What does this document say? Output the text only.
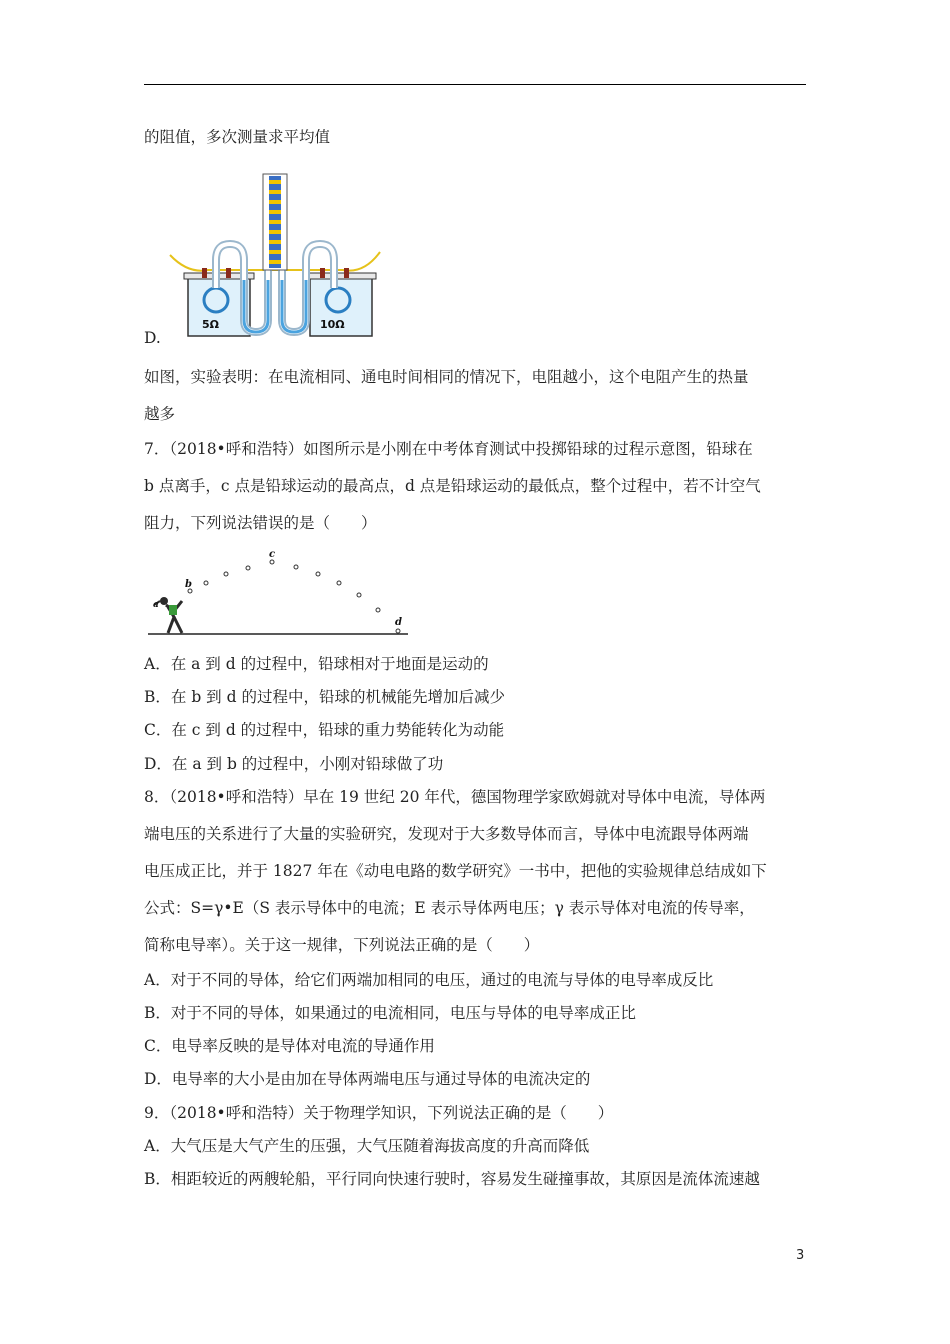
的阻值，多次测量求平均值
5Ω	10Ω
D.
如图，实验表明：在电流相同、通电时间相同的情况下，电阻越小，这个电阻产生的热量
越多
7．（2018•呼和浩特）如图所示是小刚在中考体育测试中投掷铅球的过程示意图，铅球在
b 点离手，c 点是铅球运动的最高点，d 点是铅球运动的最低点，整个过程中，若不计空气
阻力，下列说法错误的是（　　）
a
b
c
d
A．在 a 到 d 的过程中，铅球相对于地面是运动的
B．在 b 到 d 的过程中，铅球的机械能先增加后减少
C．在 c 到 d 的过程中，铅球的重力势能转化为动能
D．在 a 到 b 的过程中，小刚对铅球做了功
8．（2018•呼和浩特）早在 19 世纪 20 年代，德国物理学家欧姆就对导体中电流，导体两
端电压的关系进行了大量的实验研究，发现对于大多数导体而言，导体中电流跟导体两端
电压成正比，并于 1827 年在《动电电路的数学研究》一书中，把他的实验规律总结成如下
公式：S=γ•E（S 表示导体中的电流；E 表示导体两电压；γ 表示导体对电流的传导率，
简称电导率）。关于这一规律，下列说法正确的是（　　）
A．对于不同的导体，给它们两端加相同的电压，通过的电流与导体的电导率成反比
B．对于不同的导体，如果通过的电流相同，电压与导体的电导率成正比
C．电导率反映的是导体对电流的导通作用
D．电导率的大小是由加在导体两端电压与通过导体的电流决定的
9．（2018•呼和浩特）关于物理学知识，下列说法正确的是（　　）
A．大气压是大气产生的压强，大气压随着海拔高度的升高而降低
B．相距较近的两艘轮船，平行同向快速行驶时，容易发生碰撞事故，其原因是流体流速越
3
